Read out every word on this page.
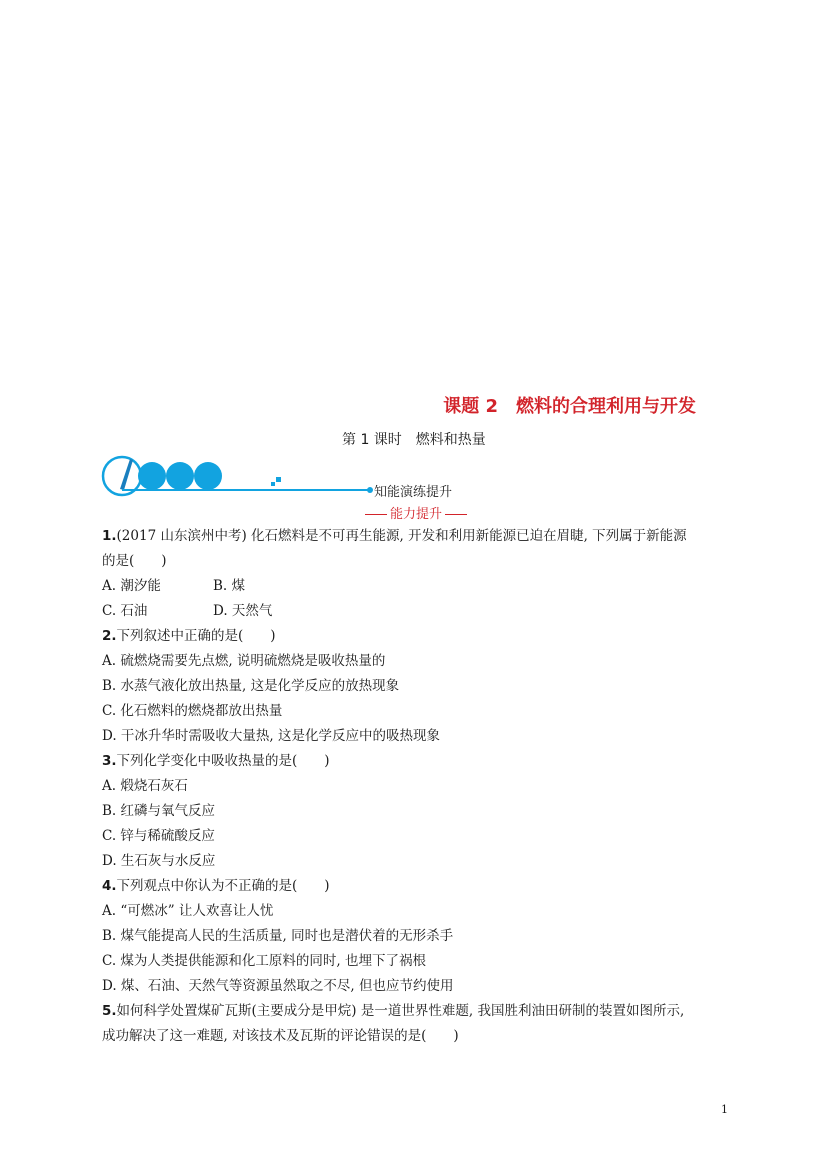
课题 2　燃料的合理利用与开发
第 1 课时　燃料和热量
知能演练提升
能力提升
1.(2017 山东滨州中考) 化石燃料是不可再生能源, 开发和利用新能源已迫在眉睫, 下列属于新能源
的是(　　)
A. 潮汐能	B. 煤
C. 石油	D. 天然气
2.下列叙述中正确的是(　　)
A. 硫燃烧需要先点燃, 说明硫燃烧是吸收热量的
B. 水蒸气液化放出热量, 这是化学反应的放热现象
C. 化石燃料的燃烧都放出热量
D. 干冰升华时需吸收大量热, 这是化学反应中的吸热现象
3.下列化学变化中吸收热量的是(　　)
A. 煅烧石灰石
B. 红磷与氧气反应
C. 锌与稀硫酸反应
D. 生石灰与水反应
4.下列观点中你认为不正确的是(　　)
A. “可燃冰” 让人欢喜让人忧
B. 煤气能提高人民的生活质量, 同时也是潜伏着的无形杀手
C. 煤为人类提供能源和化工原料的同时, 也埋下了祸根
D. 煤、石油、天然气等资源虽然取之不尽, 但也应节约使用
5.如何科学处置煤矿瓦斯(主要成分是甲烷) 是一道世界性难题, 我国胜利油田研制的装置如图所示,
成功解决了这一难题, 对该技术及瓦斯的评论错误的是(　　)
1
